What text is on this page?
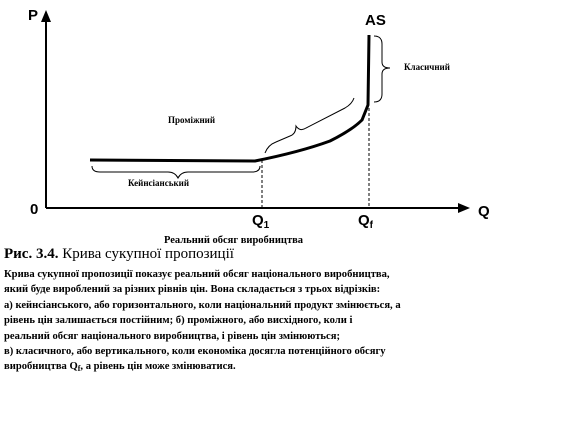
P
Q
0
AS
$Q_1$	$Q_f$
Реальний обсяг виробництва
Кейнсіанський
Проміжний
Класичний
Рис. 3.4. Крива сукупної пропозиції

Крива сукупної пропозиції показує реальний обсяг національного виробництва,

який буде вироблений за різних рівнів цін. Вона складається з трьох відрізків:

а) кейнсіанського, або горизонтального, коли національний продукт змінюється, а

рівень цін залишається постійним; б) проміжного, або висхідного, коли і

реальний обсяг національного виробництва, і рівень цін змінюються;

в) класичного, або вертикального, коли економіка досягла потенційного обсягу

виробництва $Q_f$, а рівень цін може змінюватися.
